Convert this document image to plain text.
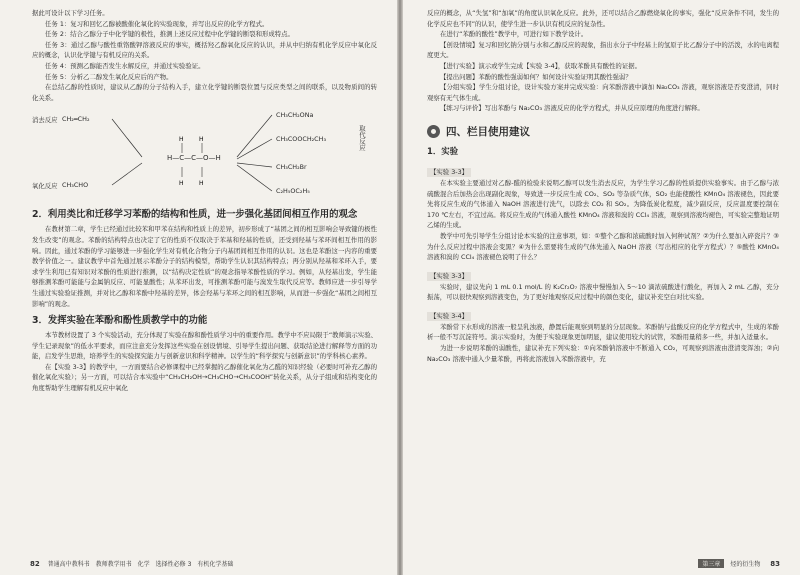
据此可设计以下学习任务。

任务 1：复习和回忆乙醇被酸催化氧化的实验现象，并写出反应的化学方程式。

任务 2：结合乙醇分子中化学键的极性，推测上述反应过程中化学键的断裂和形成特点。

任务 3：通过乙醇与酸性重铬酸钾溶液反应的事实，概括羟乙醇氧化反应的认识，并从中归纳有机化学反应中氧化反应的概念，认识化学键与有机反应的关系。

任务 4：预测乙醇能否发生水解反应，并通过实验验证。

任务 5：分析乙二醇发生氧化反应后的产物。

在总结乙醇的性质时，建议从乙醇的分子结构入手，建立化学键的断裂位置与反应类型之间的联系，以及物质间的转化关系。

H	H
H	H
消去反应 CH₂═CH₂
氧化反应 CH₃CHO
H—C—C—O—H
CH₃CH₂ONa
CH₃COOCH₂CH₃
CH₃CH₂Br
C₂H₅OC₂H₅
取代反应
2．利用类比和迁移学习苯酚的结构和性质，进一步强化基团间相互作用的观念

在教材第二章，学生已经通过比较苯和甲苯在结构和性质上的差异，初步形成了“基团之间的相互影响会导致键的极性发生改变”的观念。苯酚的结构特点也决定了它的性质不仅取决于苯基和羟基的性质，还受到羟基与苯环间相互作用的影响。因此，通过苯酚的学习能够进一步强化学生对有机化合物分子内基团间相互作用的认识。这也是苯酚这一内容的重要教学价值之一。建议教学中首先通过展示苯酚分子的结构模型，帮助学生认识其结构特点；再分别从羟基和苯环入手，要求学生利用已有知识对苯酚的性质进行推测，以“结构决定性质”的观念指导苯酚性质的学习。例如，从羟基出发，学生能够推测苯酚可能能与金属钠反应、可能显酸性；从苯环出发，可推测苯酚可能与溴发生取代反应等。教师应进一步引导学生通过实验验证推测，并对比乙醇和苯酚中羟基的差异，体会羟基与苯环之间的相互影响，从而进一步强化“基团之间相互影响”的观念。

3．发挥实验在苯酚和酚性质教学中的功能

本节教材设置了 3 个实验活动，充分体现了实验在醇和酚性质学习中的重要作用。教学中不应局限于“教师演示实验、学生记录现象”的低水平要求，而应注意充分发挥这些实验在创设情境、引导学生提出问题、获取结论进行解释等方面的功能，启发学生思维，培养学生的实验探究能力与创新意识和科学精神。以学生的“科学探究与创新意识”的学科核心素养。

在【实验 3-3】的教学中，一方面要结合必修课程中已经掌握的乙醇催化氧化为乙醛的知识经验（必要时可补充乙醇的催化氧化实验）；另一方面，可以结合本实验中“CH₃CH₂OH→CH₃CHO→CH₃COOH”转化关系，从分子组成和结构变化的角度帮助学生理解有机反应中氧化

82 普通高中教科书　教师教学用书　化学　选择性必修 3　有机化学基础

反应的概念，从“失氢”和“加氧”的角度认识氧化反应。此外，还可以结合乙醇燃烧氧化的事实，强化“反应条件不同，发生的化学反应也不同”的认识，使学生进一步认识有机反应的复杂性。

在进行“苯酚的酸性”教学中，可进行如下教学设计。

【创设情境】复习和回忆钠分别与水和乙醇反应的现象，指出水分子中羟基上的氢原子比乙醇分子中的活泼，水的电离程度更大。

【进行实验】演示或学生完成【实验 3-4】，获取苯酚具有酸性的证据。

【提出问题】苯酚的酸性强弱如何？如何设计实验证明其酸性强弱？

【分组实验】学生分组讨论，设计实验方案并完成实验：向苯酚溶液中滴加 Na₂CO₃ 溶液，观察溶液是否变澄清，同时观察有无气体生成。

【练习与评价】写出苯酚与 Na₂CO₃ 溶液反应的化学方程式，并从反应原理的角度进行解释。

四、栏目使用建议
1．实验
【实验 3-3】

在本实验主要通过对乙醇-醛的检验来说明乙醇可以发生消去反应，为学生学习乙醇的性质提供实验事实。由于乙醇与浓硫酸混合后加热会出现副化现象，导致进一步反应生成 CO₂、SO₂ 等杂质气体，SO₂ 也能使酸性 KMnO₄ 溶液褪色，因此要先将反应生成的气体通入 NaOH 溶液进行洗气，以除去 CO₂ 和 SO₂。为降低炭化程度，减少副反应，反应温度要控制在 170 ℃左右，不宜过高。将反应生成的气体通入酸性 KMnO₄ 溶液和溴的 CCl₄ 溶液，观察到溶液均褪色，可实验完整地证明乙烯的生成。

教学中可先引导学生分组讨论本实验的注意事项，如：①整个乙醇和浓硫酸时加入何种试剂？②为什么要加入碎瓷片？③为什么反应过程中溶液会变黑？④为什么需要将生成的气体先通入 NaOH 溶液（写出相应的化学方程式）？⑤酸性 KMnO₄ 溶液和溴的 CCl₄ 溶液褪色说明了什么？

【实验 3-3】

实验时，建议先向 1 mL 0.1 mol/L 的 K₂Cr₂O₇ 溶液中慢慢加入 5～10 滴浓硫酸进行酸化，再加入 2 mL 乙醇，充分振荡，可以很快观察到溶液变色，为了更好地观察反应过程中的颜色变化，建议补充空白对比实验。

【实验 3-4】

苯酚常下水形成的溶液一般呈乳浊液，静置后能观察到明显的分层现象。苯酚钠与盐酸反应的化学方程式中，生成的苯酚析一般不写沉淀符号。演示实验时，为便于实验现象更加明显，建议使用较大的试管，苯酚用量稍多一些，并加入适量水。

为进一步说明苯酚的弱酸性，建议补充下列实验：①向苯酚钠溶液中不断通入 CO₂，可观察到溶液由澄清变浑浊；②向 Na₂CO₃ 溶液中通入少量苯酚，再将此溶液加入苯酚溶液中，充

第三章 烃的衍生物 83
